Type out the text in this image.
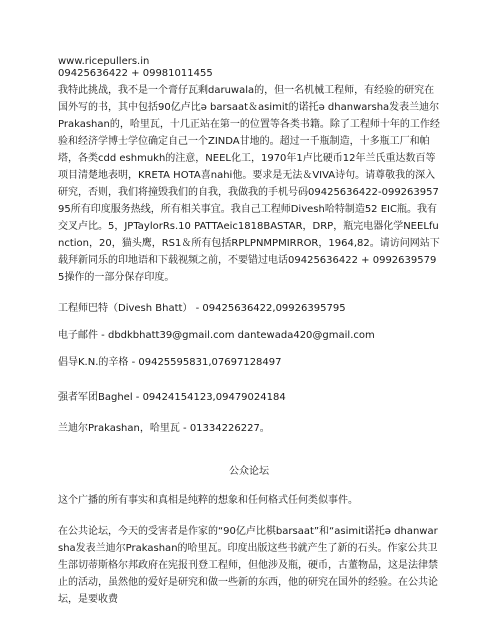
www.ricepullers.in
09425636422 + 09981011455

我特此挑战，我不是一个膏仔瓦剩daruwala的，但一名机械工程师，有经验的研究在国外写的书，其中包括90亿卢比ǝ barsaat＆asimit的诺托ǝ dhanwarsha发表兰迪尔Prakashan的，哈里瓦，十几正站在第一的位置等各类书籍。除了工程师十年的工作经验和经济学博士学位确定自己一个ZINDA甘地的。超过一千瓶制造，十多瓶工厂和帕塔，各类cdd eshmukh的注意，NEEL化工，1970年1卢比硬币12年兰氏重达数百等项目清楚地表明，KRETA HOTA喜nahi他。要求是无法＆VIVA诗句。请尊敬我的深入研究，否则，我们将撞毁我们的自我，我做我的手机号码09425636422-09926395795所有印度服务热线，所有相关事宜。我自己工程师Divesh哈特制造52 EIC瓶。我有交叉卢比。5，JPTaylorRs.10 PATTAeic1818BASTAR，DRP，瓶完电器化学NEELfunction，20，猫头鹰，RS1＆所有包括RPLPNMPMIRROR，1964,82。请访问网站下载拜新同乐的印地语和下载视频之前，不要错过电话09425636422 + 09926395795操作的一部分保存印度。

工程师巴特（Divesh Bhatt） - 09425636422,09926395795

电子邮件 - dbdkbhatt39@gmail.com dantewada420@gmail.com

倡导K.N.的辛格 - 09425595831,07697128497

强者军团Baghel - 09424154123,09479024184

兰迪尔Prakashan，哈里瓦 - 01334226227。

公众论坛

这个广播的所有事实和真相是纯粹的想象和任何格式任何类似事件。

在公共论坛，今天的受害者是作家的“90亿卢比棋barsaat”和“asimit诺托ǝ dhanwarsha发表兰迪尔Prakashan的哈里瓦。印度出版这些书就产生了新的石头。作家公共卫生部切蒂斯格尔邦政府在宪报刊登工程师，但他涉及瓶，硬币，古董物品，这是法律禁止的活动，虽然他的爱好是研究和做一些新的东西，他的研究在国外的经验。在公共论坛，是要收费
